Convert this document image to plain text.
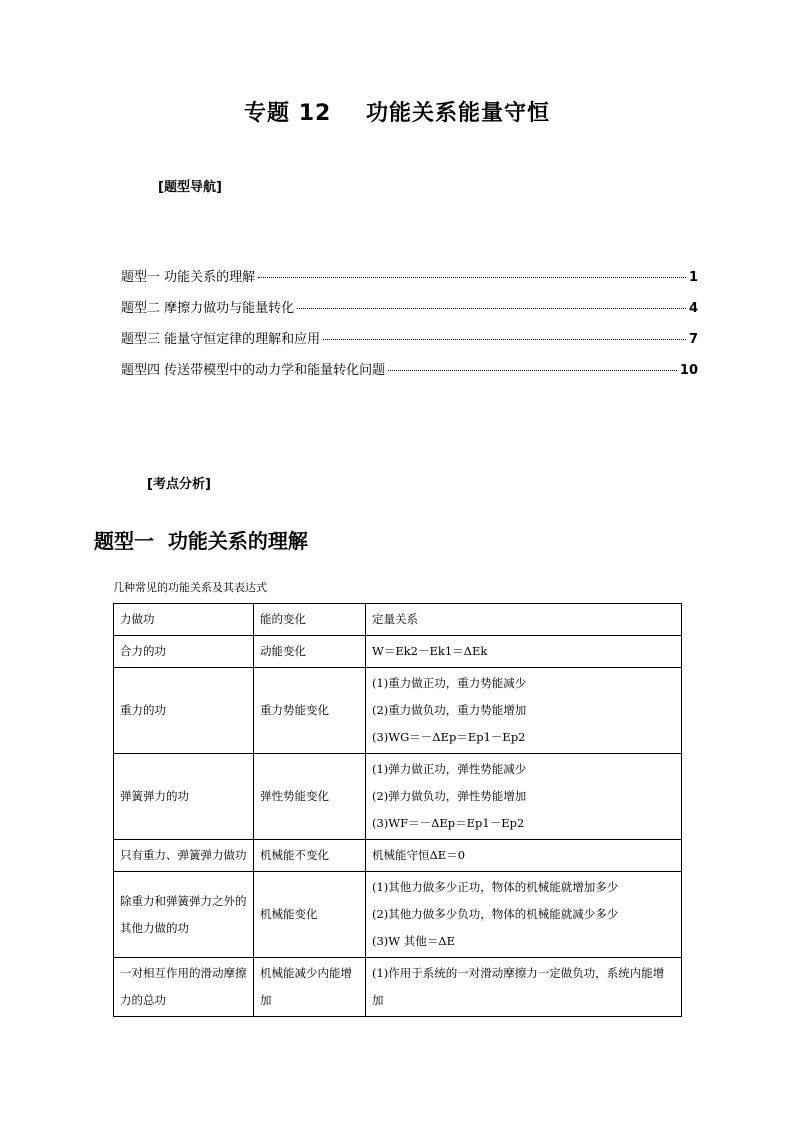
专题 12    功能关系能量守恒
[题型导航]
题型一 功能关系的理解	1
题型二 摩擦力做功与能量转化	4
题型三 能量守恒定律的理解和应用	7
题型四 传送带模型中的动力学和能量转化问题	10
[考点分析]
题型一  功能关系的理解
几种常见的功能关系及其表达式
力做功	能的变化	定量关系
合力的功	动能变化	W＝Ek2－Ek1＝ΔEk

重力的功	重力势能变化	(1)重力做正功，重力势能减少
(2)重力做负功，重力势能增加
(3)WG＝－ΔEp＝Ep1－Ep2

弹簧弹力的功	弹性势能变化	(1)弹力做正功，弹性势能减少
(2)弹力做负功，弹性势能增加
(3)WF＝－ΔEp＝Ep1－Ep2

只有重力、弹簧弹力做功	机械能不变化	机械能守恒ΔE＝0

除重力和弹簧弹力之外的其他力做的功	机械能变化	(1)其他力做多少正功，物体的机械能就增加多少
(2)其他力做多少负功，物体的机械能就减少多少
(3)W 其他＝ΔE

一对相互作用的滑动摩擦力的总功	机械能减少内能增加	(1)作用于系统的一对滑动摩擦力一定做负功，系统内能增加
